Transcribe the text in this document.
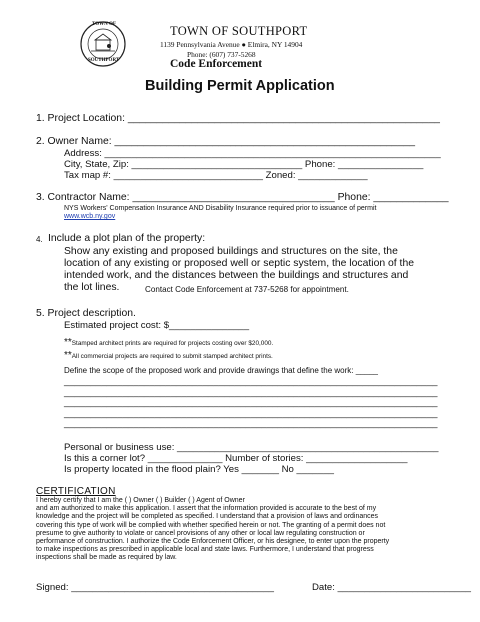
TOWN OF
SOUTHPORT
TOWN OF SOUTHPORT
1139 Pennsylvania Avenue ● Elmira, NY 14904
Phone: (607) 737-5268
Code Enforcement
Building Permit Application
1. Project Location: ______________________________________________________
2. Owner Name: ____________________________________________________
Address: _______________________________________________________________
City, State, Zip: ________________________________ Phone: ________________
Tax map #: ____________________________ Zoned: _____________
3. Contractor Name: ___________________________________ Phone: _____________
NYS Workers' Compensation Insurance AND Disability Insurance required prior to issuance of permit
www.wcb.ny.gov
4. Include a plot plan of the property:
Show any existing and proposed buildings and structures on the site, the
location of any existing or proposed well or septic system, the location of the
intended work, and the distances between the buildings and structures and
the lot lines.	Contact Code Enforcement at 737-5268 for appointment.
5. Project description.
Estimated project cost: $_______________
**Stamped architect prints are required for projects costing over $20,000.
**All commercial projects are required to submit stamped architect prints.
Define the scope of the proposed work and provide drawings that define the work: _____
______________________________________________________________________
______________________________________________________________________
______________________________________________________________________
______________________________________________________________________
______________________________________________________________________
Personal or business use: _________________________________________________
Is this a corner lot? ______________ Number of stories: ___________________
Is property located in the flood plain? Yes _______ No _______
CERTIFICATION
I hereby certify that I am the ( ) Owner ( ) Builder ( ) Agent of Owner
and am authorized to make this application. I assert that the information provided is accurate to the best of my
knowledge and the project will be completed as specified. I understand that a provision of laws and ordinances
covering this type of work will be complied with whether specified herein or not. The granting of a permit does not
presume to give authority to violate or cancel provisions of any other or local law regulating construction or
performance of construction. I authorize the Code Enforcement Officer, or his designee, to enter upon the property
to make inspections as prescribed in applicable local and state laws. Furthermore, I understand that progress
inspections shall be made as required by law.
Signed: ______________________________________	Date: _________________________
